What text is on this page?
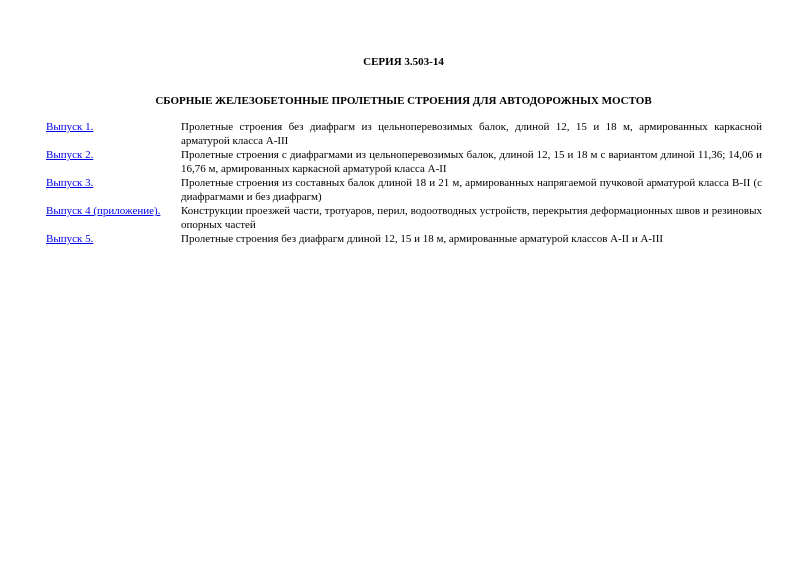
СЕРИЯ 3.503-14
СБОРНЫЕ ЖЕЛЕЗОБЕТОННЫЕ ПРОЛЕТНЫЕ СТРОЕНИЯ ДЛЯ АВТОДОРОЖНЫХ МОСТОВ
Выпуск 1.	Пролетные строения без диафрагм из цельноперевозимых балок, длиной 12, 15 и 18 м, армированных каркасной арматурой класса А-III
Выпуск 2.	Пролетные строения с диафрагмами из цельноперевозимых балок, длиной 12, 15 и 18 м с вариантом длиной 11,36; 14,06 и 16,76 м, армированных каркасной арматурой класса А-II
Выпуск 3.	Пролетные строения из составных балок длиной 18 и 21 м, армированных напрягаемой пучковой арматурой класса В-II (с диафрагмами и без диафрагм)
Выпуск 4 (приложение).	Конструкции проезжей части, тротуаров, перил, водоотводных устройств, перекрытия деформационных швов и резиновых опорных частей
Выпуск 5.	Пролетные строения без диафрагм длиной 12, 15 и 18 м, армированные арматурой классов А-II и А-III
